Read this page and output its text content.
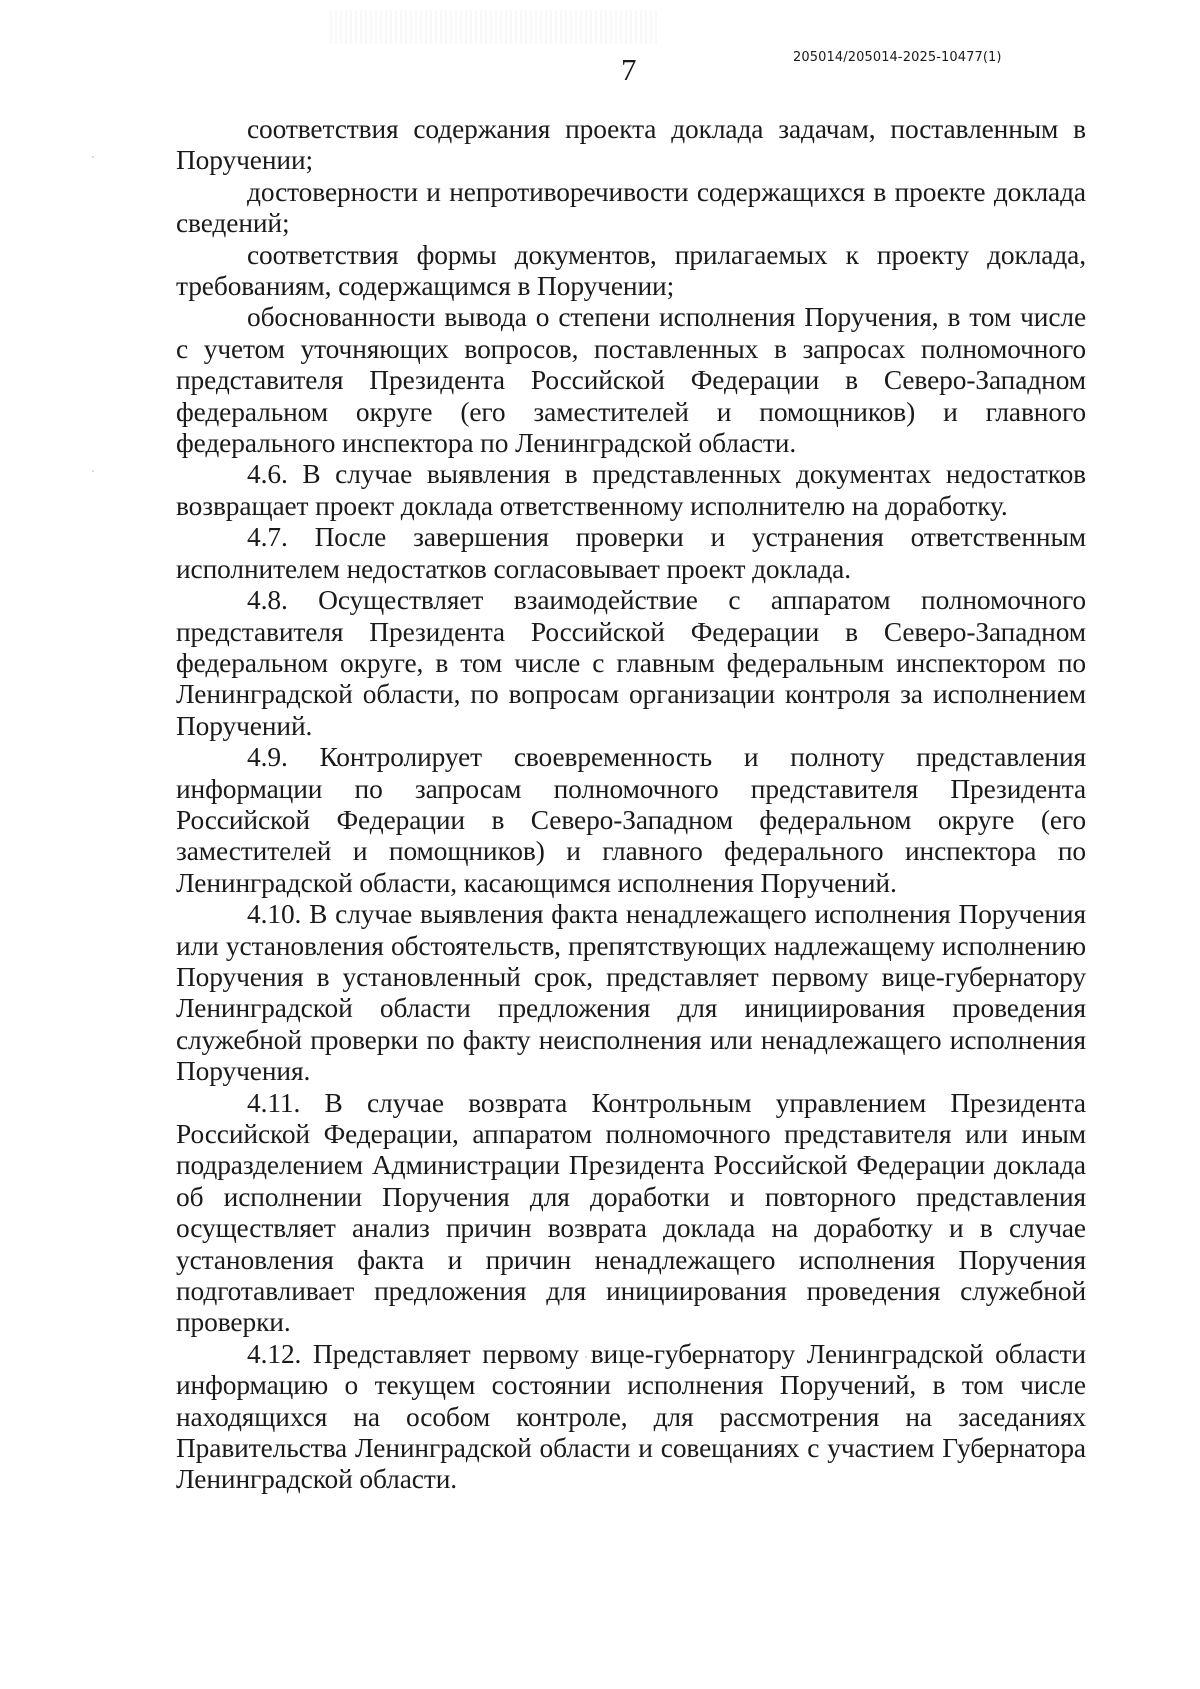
7	205014/205014-2025-10477(1)

соответствия содержания проекта доклада задачам, поставленным в Поручении;

достоверности и непротиворечивости содержащихся в проекте доклада сведений;

соответствия формы документов, прилагаемых к проекту доклада, требованиям, содержащимся в Поручении;

обоснованности вывода о степени исполнения Поручения, в том числе с учетом уточняющих вопросов, поставленных в запросах полномочного представителя Президента Российской Федерации в Северо-Западном федеральном округе (его заместителей и помощников) и главного федерального инспектора по Ленинградской области.

4.6. В случае выявления в представленных документах недостатков возвращает проект доклада ответственному исполнителю на доработку.

4.7. После завершения проверки и устранения ответственным исполнителем недостатков согласовывает проект доклада.

4.8. Осуществляет взаимодействие с аппаратом полномочного представителя Президента Российской Федерации в Северо-Западном федеральном округе, в том числе с главным федеральным инспектором по Ленинградской области, по вопросам организации контроля за исполнением Поручений.

4.9. Контролирует своевременность и полноту представления информации по запросам полномочного представителя Президента Российской Федерации в Северо-Западном федеральном округе (его заместителей и помощников) и главного федерального инспектора по Ленинградской области, касающимся исполнения Поручений.

4.10. В случае выявления факта ненадлежащего исполнения Поручения или установления обстоятельств, препятствующих надлежащему исполнению Поручения в установленный срок, представляет первому вице-губернатору Ленинградской области предложения для инициирования проведения служебной проверки по факту неисполнения или ненадлежащего исполнения Поручения.

4.11. В случае возврата Контрольным управлением Президента Российской Федерации, аппаратом полномочного представителя или иным подразделением Администрации Президента Российской Федерации доклада об исполнении Поручения для доработки и повторного представления осуществляет анализ причин возврата доклада на доработку и в случае установления факта и причин ненадлежащего исполнения Поручения подготавливает предложения для инициирования проведения служебной проверки.

4.12. Представляет первому вице-губернатору Ленинградской области информацию о текущем состоянии исполнения Поручений, в том числе находящихся на особом контроле, для рассмотрения на заседаниях Правительства Ленинградской области и совещаниях с участием Губернатора Ленинградской области.
